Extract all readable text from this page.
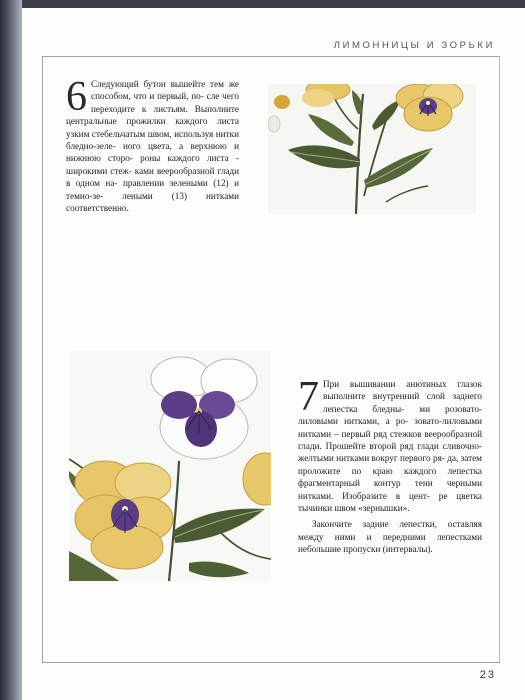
ЛИМОННИЦЫ И ЗОРЬКИ
6 Следующий бутон вышейте тем же способом, что и первый, по- сле чего переходите к листьям. Выполните центральные прожилки каждого листа узким стебельчатым швом, используя нитки бледно-зеле- ного цвета, а верхнюю и нижнюю сторо- роны каждого листа - широкими стеж- ками веерообразной глади в одном на- правлении зелеными (12) и темно-зе- леными (13) нитками соответственно.
7 При вышивании анютиных глазок выполните внутренний слой заднего лепестка бледны- ми розовато-лиловыми нитками, а ро- зовато-лиловыми нитками – первый ряд стежков веерообразной глади. Прошейте второй ряд глади сливочно- желтыми нитками вокруг первого ря- да, затем проложите по краю каждого лепестка фрагментарный контур тени черными нитками. Изобразите в цент- ре цветка тычинки швом «зернышки».
Закончите задние лепестки, оставляя между ними и передними лепестками небольшие пропуски (интервалы).
23
